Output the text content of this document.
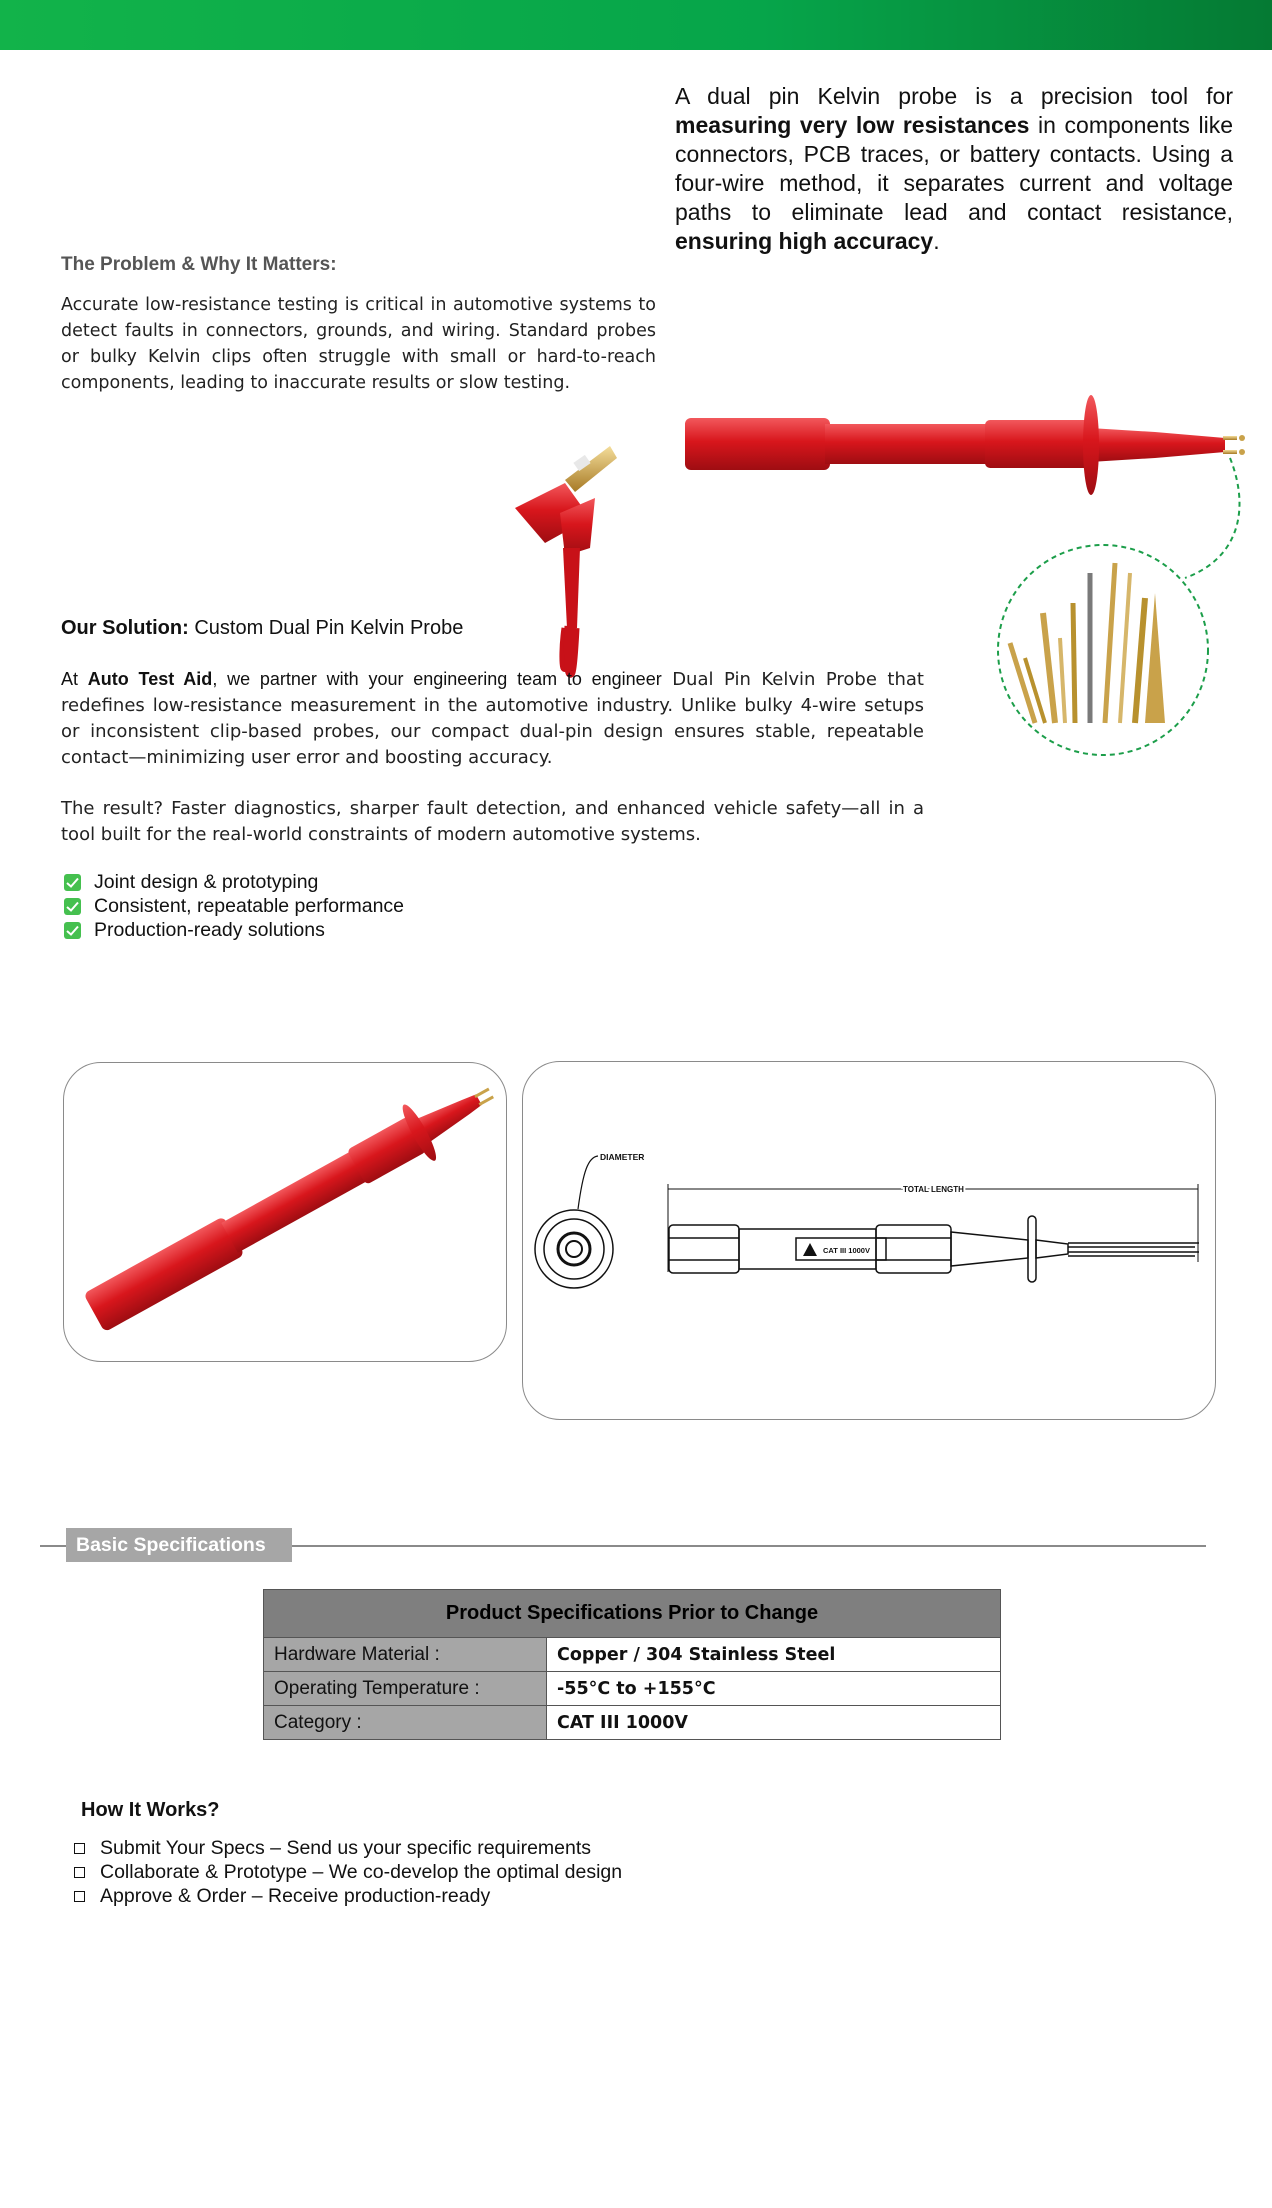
A dual pin Kelvin probe is a precision tool for measuring very low resistances in components like connectors, PCB traces, or battery contacts. Using a four-wire method, it separates current and voltage paths to eliminate lead and contact resistance, ensuring high accuracy.

The Problem & Why It Matters:

Accurate low-resistance testing is critical in automotive systems to detect faults in connectors, grounds, and wiring. Standard probes or bulky Kelvin clips often struggle with small or hard-to-reach components, leading to inaccurate results or slow testing.

Our Solution: Custom Dual Pin Kelvin Probe

At Auto Test Aid, we partner with your engineering team to engineer Dual Pin Kelvin Probe that redefines low-resistance measurement in the automotive industry. Unlike bulky 4-wire setups or inconsistent clip-based probes, our compact dual-pin design ensures stable, repeatable contact—minimizing user error and boosting accuracy.

The result? Faster diagnostics, sharper fault detection, and enhanced vehicle safety—all in a tool built for the real-world constraints of modern automotive systems.

Joint design & prototyping
Consistent, repeatable performance
Production-ready solutions
DIAMETER
TOTAL LENGTH
CAT III 1000V
Basic Specifications
Product Specifications Prior to Change	
Hardware Material :	Copper / 304 Stainless Steel
Operating Temperature :	-55°C to +155°C
Category :	CAT III 1000V
How It Works?
Submit Your Specs – Send us your specific requirements
Collaborate & Prototype – We co-develop the optimal design
Approve & Order – Receive production-ready
